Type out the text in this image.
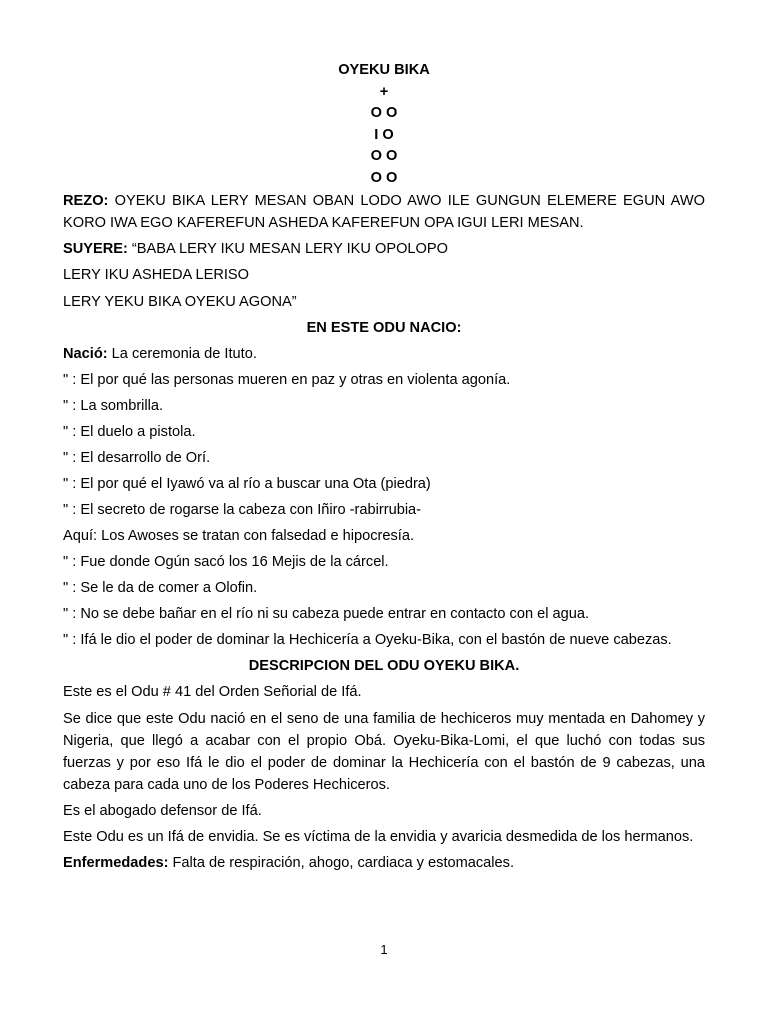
OYEKU BIKA
+
O O
I O
O O
O O

REZO: OYEKU BIKA LERY MESAN OBAN LODO AWO ILE GUNGUN ELEMERE EGUN AWO KORO IWA EGO KAFEREFUN ASHEDA KAFEREFUN OPA IGUI LERI MESAN.

SUYERE: “BABA LERY IKU MESAN LERY IKU OPOLOPO

LERY IKU ASHEDA LERISO

LERY YEKU BIKA OYEKU AGONA”

EN ESTE ODU NACIO:

Nació: La ceremonia de Ituto.

" : El por qué las personas mueren en paz y otras en violenta agonía.

" : La sombrilla.

" : El duelo a pistola.

" : El desarrollo de Orí.

" : El por qué el Iyawó va al río a buscar una Ota (piedra)

" : El secreto de rogarse la cabeza con Iñiro -rabirrubia-

Aquí: Los Awoses se tratan con falsedad e hipocresía.

" : Fue donde Ogún sacó los 16 Mejis de la cárcel.

" : Se le da de comer a Olofin.

" : No se debe bañar en el río ni su cabeza puede entrar en contacto con el agua.

" : Ifá le dio el poder de dominar la Hechicería a Oyeku-Bika, con el bastón de nueve cabezas.

DESCRIPCION DEL ODU OYEKU BIKA.

Este es el Odu # 41 del Orden Señorial de Ifá.

Se dice que este Odu nació en el seno de una familia de hechiceros muy mentada en Dahomey y Nigeria, que llegó a acabar con el propio Obá. Oyeku-Bika-Lomi, el que luchó con todas sus fuerzas y por eso Ifá le dio el poder de dominar la Hechicería con el bastón de 9 cabezas, una cabeza para cada uno de los Poderes Hechiceros.

Es el abogado defensor de Ifá.

Este Odu es un Ifá de envidia. Se es víctima de la envidia y avaricia desmedida de los hermanos.

Enfermedades: Falta de respiración, ahogo, cardiaca y estomacales.

1
